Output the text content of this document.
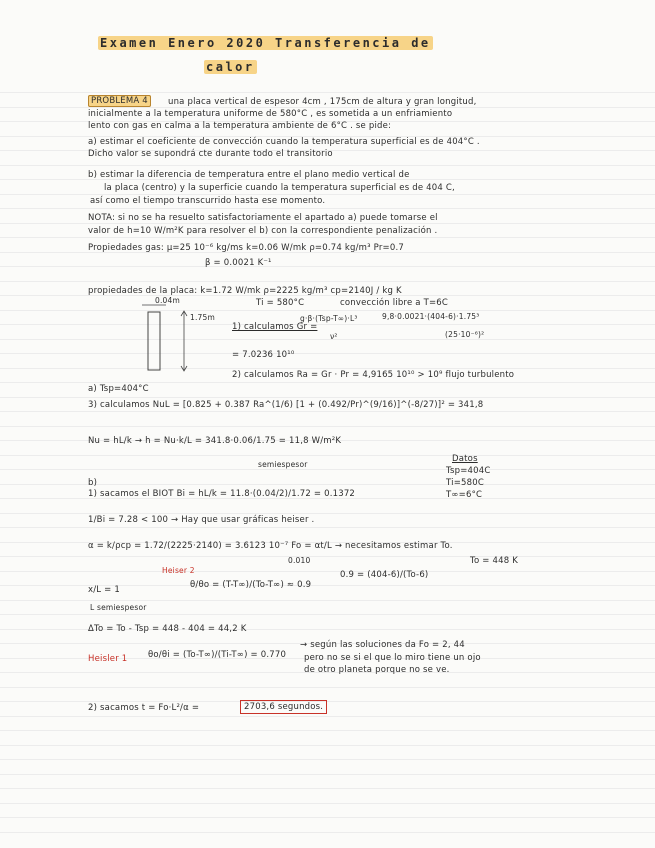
Examen Enero 2020 Transferencia de
calor
PROBLEMA 4	una placa vertical de espesor 4cm , 175cm de altura y gran longitud,
inicialmente a la temperatura uniforme de 580°C , es sometida a un enfriamiento
lento con gas en calma a la temperatura ambiente de 6°C . se pide:
a) estimar el coeficiente de convección cuando la temperatura superficial es de 404°C .
Dicho valor se supondrá cte durante todo el transitorio
b) estimar la diferencia de temperatura entre el plano medio vertical de
la placa (centro) y la superficie cuando la temperatura superficial es de 404 C,
así como el tiempo transcurrido hasta ese momento.
NOTA: si no se ha resuelto satisfactoriamente el apartado a) puede tomarse el
valor de h=10 W/m²K para resolver el b) con la correspondiente penalización .
Propiedades gas: μ=25 10⁻⁶ kg/ms k=0.06 W/mk ρ=0.74 kg/m³ Pr=0.7
β = 0.0021 K⁻¹
propiedades de la placa: k=1.72 W/mk ρ=2225 kg/m³ cp=2140J / kg K
0.04m
1.75m
Ti = 580°C	convección libre a T=6C
1) calculamos Gr =
g·β·(Tsp-T∞)·L³
ν²
9,8·0.0021·(404-6)·1.75³
(25·10⁻⁶)²
= 7.0236 10¹⁰
2) calculamos Ra = Gr · Pr = 4,9165 10¹⁰ > 10⁹ flujo turbulento
a) Tsp=404°C
3) calculamos NuL = [0.825 + 0.387 Ra^(1/6) [1 + (0.492/Pr)^(9/16)]^(-8/27)]² = 341,8
Nu = hL/k → h = Nu·k/L = 341.8·0.06/1.75 = 11,8 W/m²K
semiespesor
b)
1) sacamos el BIOT Bi = hL/k = 11.8·(0.04/2)/1.72 = 0.1372
Datos
Tsp=404C
Ti=580C
T∞=6°C
1/Bi = 7.28 < 100 → Hay que usar gráficas heiser .
α = k/ρcp = 1.72/(2225·2140) = 3.6123 10⁻⁷ Fo = αt/L → necesitamos estimar To.
Heiser 2
0.010
x/L = 1	θ/θo = (T-T∞)/(To-T∞) ≈ 0.9
0.9 = (404-6)/(To-6)
To = 448 K
L semiespesor
ΔTo = To - Tsp = 448 - 404 = 44,2 K
Heisler 1 θo/θi = (To-T∞)/(Ti-T∞) = 0.770
→ según las soluciones da Fo = 2, 44
pero no se si el que lo miro tiene un ojo
de otro planeta porque no se ve.
2) sacamos t = Fo·L²/α =	2703,6 segundos.
